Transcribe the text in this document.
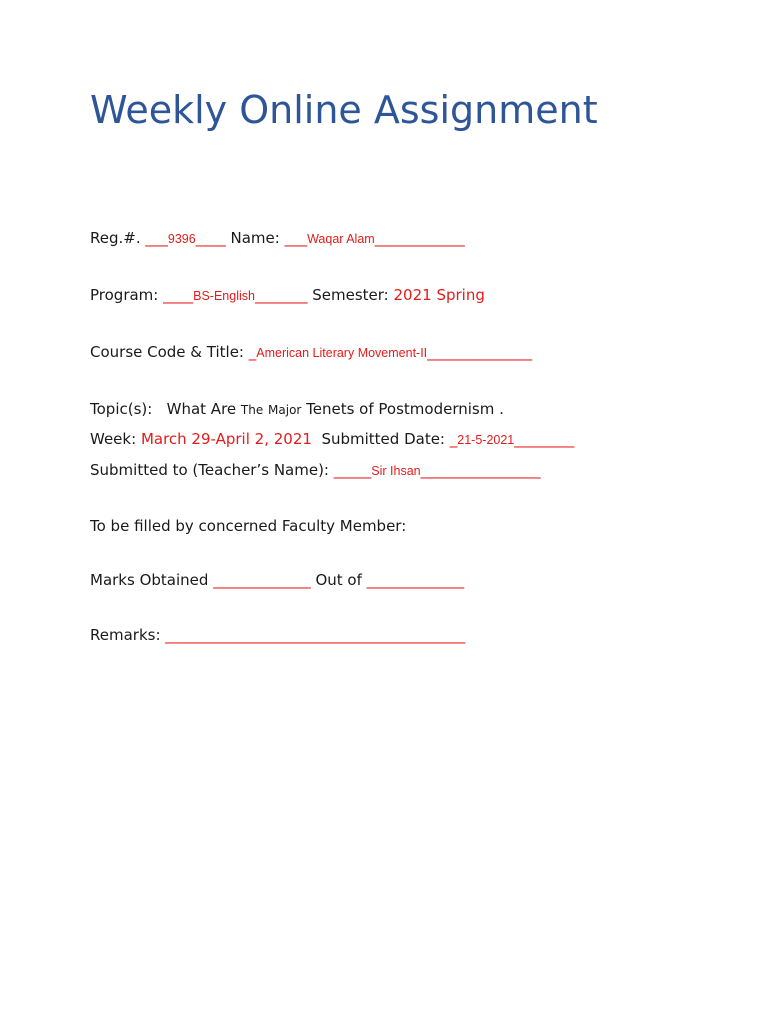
Weekly Online Assignment
Reg.#. ___9396____ Name: ___Waqar Alam____________
Program: ____BS-English_______ Semester: 2021 Spring
Course Code & Title: _American Literary Movement-II______________
Topic(s): What Are The Major Tenets of Postmodernism .
Week: March 29-April 2, 2021 Submitted Date: _21-5-2021________
Submitted to (Teacher’s Name): _____Sir Ihsan________________
To be filled by concerned Faculty Member:
Marks Obtained _____________ Out of _____________
Remarks: ________________________________________
